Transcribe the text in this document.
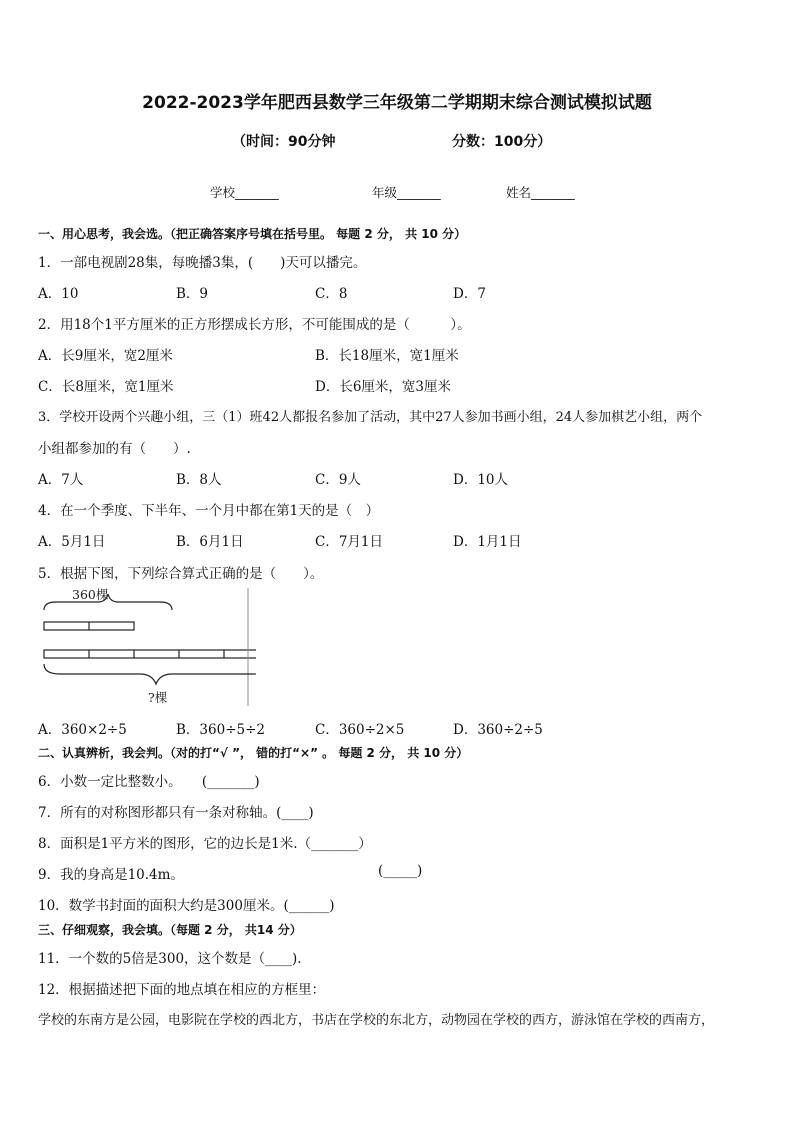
2022-2023学年肥西县数学三年级第二学期期末综合测试模拟试题
（时间：90分钟	分数：100分）
学校_______	年级_______	姓名_______
一、用心思考，我会选。（把正确答案序号填在括号里。 每题 2 分， 共 10 分）
1．一部电视剧28集，每晚播3集，(　　)天可以播完。
A．10	B．9	C．8	D．7
2．用18个1平方厘米的正方形摆成长方形，不可能围成的是（　　　）。
A．长9厘米，宽2厘米	B．长18厘米，宽1厘米
C．长8厘米，宽1厘米	D．长6厘米，宽3厘米
3．学校开设两个兴趣小组，三（1）班42人都报名参加了活动，其中27人参加书画小组，24人参加棋艺小组，两个
小组都参加的有（　　）.
A．7人	B．8人	C．9人	D．10人
4．在一个季度、下半年、一个月中都在第1天的是（　）
A．5月1日	B．6月1日	C．7月1日	D．1月1日
5．根据下图，下列综合算式正确的是（　　）。
360棵
?棵
A．360×2÷5	B．360÷5÷2	C．360÷2×5	D．360÷2÷5
二、认真辨析，我会判。（对的打“√ ”， 错的打“×” 。 每题 2 分， 共 10 分）
6．小数一定比整数小。　　(_______)
7．所有的对称图形都只有一条对称轴。(____)
8．面积是1平方米的图形，它的边长是1米.（_______）
9．我的身高是10.4m。	(_____)
10．数学书封面的面积大约是300厘米。(______)
三、仔细观察，我会填。（每题 2 分， 共14 分）
11．一个数的5倍是300，这个数是（____).
12．根据描述把下面的地点填在相应的方框里：
学校的东南方是公园，电影院在学校的西北方，书店在学校的东北方，动物园在学校的西方，游泳馆在学校的西南方，
